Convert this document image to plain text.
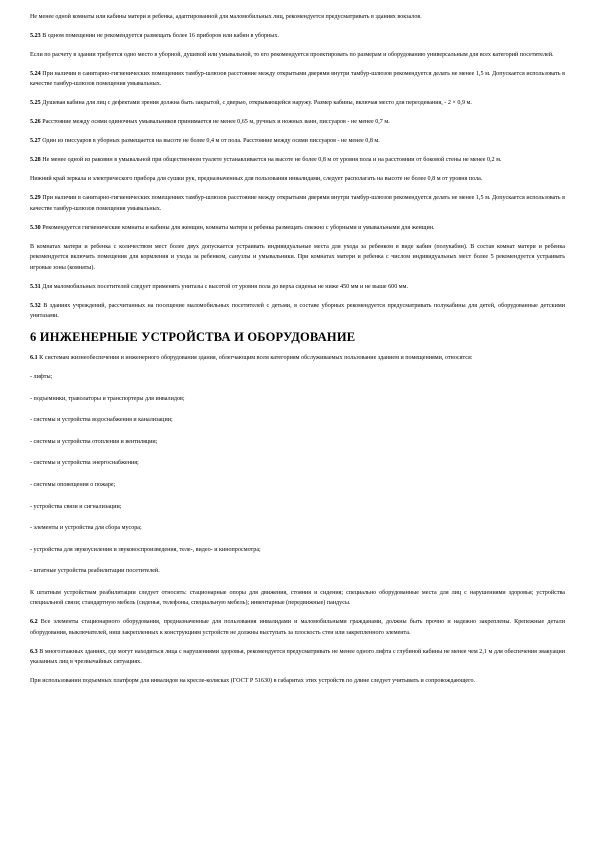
Не менее одной комнаты или кабины матери и ребенка, адаптированной для маломобильных лиц, рекомендуется предусматривать в зданиях вокзалов.

5.23 В одном помещении не рекомендуется размещать более 16 приборов или кабин в уборных.

Если по расчету в здании требуется одно место в уборной, душевой или умывальной, то его рекомендуется проектировать по размерам и оборудованию универсальным для всех категорий посетителей.

5.24 При наличии в санитарно-гигиенических помещениях тамбур-шлюзов расстояние между открытыми дверями внутри тамбур-шлюзов рекомендуется делать не менее 1,5 м. Допускается использовать в качестве тамбур-шлюзов помещения умывальных.

5.25 Душевая кабина для лиц с дефектами зрения должна быть закрытой, с дверью, открывающейся наружу. Размер кабины, включая место для переодевания, - 2 × 0,9 м.

5.26 Расстояние между осями одиночных умывальников принимается не менее 0,65 м, ручных и ножных ванн, писсуаров - не менее 0,7 м.

5.27 Один из писсуаров в уборных размещается на высоте не более 0,4 м от пола. Расстояние между осями писсуаров - не менее 0,8 м.

5.28 Не менее одной из раковин в умывальной при общественном туалете устанавливается на высоте не более 0,8 м от уровня пола и на расстоянии от боковой стены не менее 0,2 м.

Нижний край зеркала и электрического прибора для сушки рук, предназначенных для пользования инвалидами, следует располагать на высоте не более 0,8 м от уровня пола.

5.29 При наличии в санитарно-гигиенических помещениях тамбур-шлюзов расстояние между открытыми дверями внутри тамбур-шлюзов рекомендуется делать не менее 1,5 м. Допускается использовать в качестве тамбур-шлюзов помещения умывальных.

5.30 Рекомендуется гигиенические комнаты и кабины для женщин, комнаты матери и ребенка размещать смежно с уборными и умывальными для женщин.

В комнатах матери и ребенка с количеством мест более двух допускается устраивать индивидуальные места для ухода за ребенком в виде кабин (полукабин). В состав комнат матери и ребенка рекомендуется включать помещения для кормления и ухода за ребенком, санузлы и умывальники. При комнатах матери и ребенка с числом индивидуальных мест более 5 рекомендуется устраивать игровые зоны (комнаты).

5.31 Для маломобильных посетителей следует применять унитазы с высотой от уровня пола до верха сиденья не ниже 450 мм и не выше 600 мм.

5.32 В зданиях учреждений, рассчитанных на посещение маломобильных посетителей с детьми, в составе уборных рекомендуется предусматривать полукабины для детей, оборудованные детскими унитазами.

6 ИНЖЕНЕРНЫЕ УСТРОЙСТВА И ОБОРУДОВАНИЕ

6.1 К системам жизнеобеспечения и инженерного оборудования здания, облегчающим всем категориям обслуживаемых пользование зданием и помещениями, относятся:

- лифты;
- подъемники, траволаторы и транспортеры для инвалидов;
- системы и устройства водоснабжения и канализации;
- системы и устройства отопления и вентиляции;
- системы и устройства энергоснабжения;
- системы оповещения о пожаре;
- устройства связи и сигнализации;
- элементы и устройства для сбора мусора;
- устройства для звукоусиления и звуковоспроизведения, теле-, видео- и кинопросмотра;
- штатные устройства реабилитации посетителей.

К штатным устройствам реабилитации следует относить: стационарные опоры для движения, стояния и сидения; специально оборудованные места для лиц с нарушениями здоровья; устройства специальной связи; стандартную мебель (сиденья, телефоны, специальную мебель); инвентарные (передвижные) пандусы.

6.2 Все элементы стационарного оборудования, предназначенные для пользования инвалидами и маломобильными гражданами, должны быть прочно и надежно закреплены. Крепежные детали оборудования, выключателей, ниш закрепленных к конструкциям устройств не должны выступать за плоскость стен или закрепленного элемента.

6.3 В многоэтажных зданиях, где могут находиться лица с нарушениями здоровья, рекомендуется предусматривать не менее одного лифта с глубиной кабины не менее чем 2,1 м для обеспечения эвакуации указанных лиц в чрезвычайных ситуациях.

При использовании подъемных платформ для инвалидов на кресле-колясках (ГОСТ Р 51630) в габаритах этих устройств по длине следует учитывать и сопровождающего.
